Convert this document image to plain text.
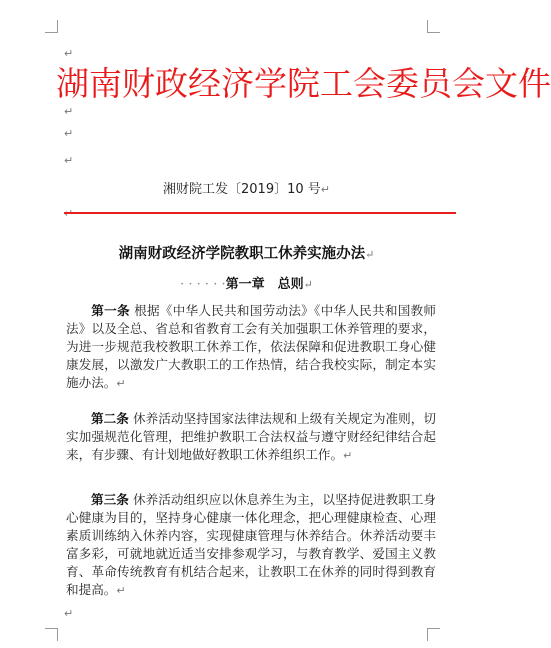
↵
湖南财政经济学院工会委员会文件
↵
↵
↵
湘财院工发〔2019〕10 号↵
↵
湖南财政经济学院教职工休养实施办法↵
· · · · · ·第一章　总则↵
第一条 根据《中华人民共和国劳动法》《中华人民共和国教师法》以及全总、省总和省教育工会有关加强职工休养管理的要求，为进一步规范我校教职工休养工作，依法保障和促进教职工身心健康发展，以激发广大教职工的工作热情，结合我校实际，制定本实施办法。↵
第二条 休养活动坚持国家法律法规和上级有关规定为准则，切实加强规范化管理，把维护教职工合法权益与遵守财经纪律结合起来，有步骤、有计划地做好教职工休养组织工作。↵
第三条 休养活动组织应以休息养生为主，以坚持促进教职工身心健康为目的，坚持身心健康一体化理念，把心理健康检查、心理素质训练纳入休养内容，实现健康管理与休养结合。休养活动要丰富多彩，可就地就近适当安排参观学习，与教育教学、爱国主义教育、革命传统教育有机结合起来，让教职工在休养的同时得到教育和提高。↵
↵
